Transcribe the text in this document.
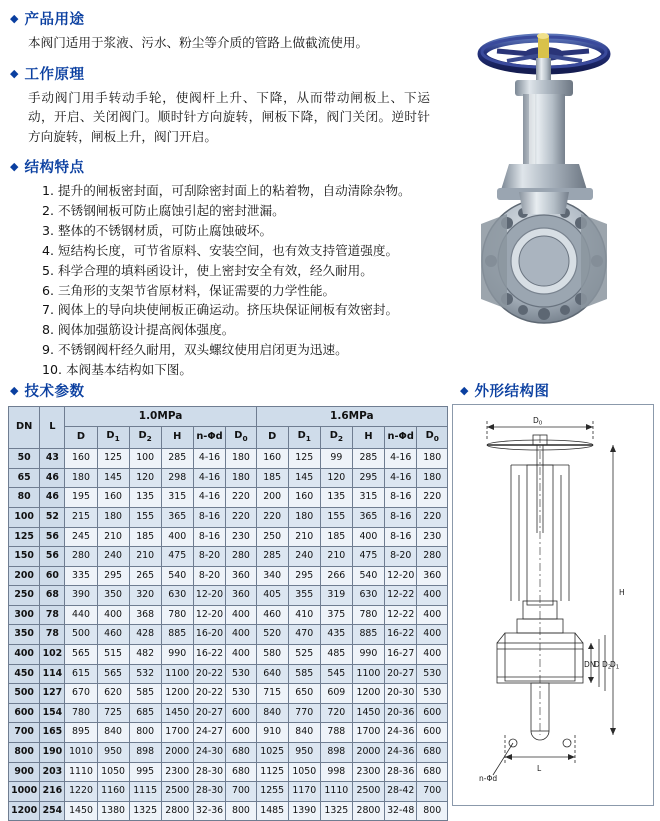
◆ 产品用途

本阀门适用于浆液、污水、粉尘等介质的管路上做截流使用。

◆ 工作原理

手动阀门用手转动手轮，使阀杆上升、下降，从而带动闸板上、下运动，开启、关闭阀门。顺时针方向旋转，闸板下降，阀门关闭。逆时针方向旋转，闸板上升，阀门开启。

◆ 结构特点
1. 提升的闸板密封面，可刮除密封面上的粘着物，自动清除杂物。
2. 不锈钢闸板可防止腐蚀引起的密封泄漏。
3. 整体的不锈钢材质，可防止腐蚀破坏。
4. 短结构长度，可节省原料、安装空间，也有效支持管道强度。
5. 科学合理的填料函设计，使上密封安全有效，经久耐用。
6. 三角形的支架节省原材料，保证需要的力学性能。
7. 阀体上的导向块使闸板正确运动。挤压块保证闸板有效密封。
8. 阀体加强筋设计提高阀体强度。
9. 不锈钢阀杆经久耐用，双头螺纹使用启闭更为迅速。
10. 本阀基本结构如下图。
◆ 技术参数	◆ 外形结构图
DN	L	1.0MPa						1.6MPa					
		D	$D_1$	$D_2$	H	n-Φd	$D_0$	D	$D_1$	$D_2$	H	n-Φd	$D_0$
50	43	160	125	100	285	4-16	180	160	125	99	285	4-16	180
65	46	180	145	120	298	4-16	180	185	145	120	295	4-16	180
80	46	195	160	135	315	4-16	220	200	160	135	315	8-16	220
100	52	215	180	155	365	8-16	220	220	180	155	365	8-16	220
125	56	245	210	185	400	8-16	230	250	210	185	400	8-16	230
150	56	280	240	210	475	8-20	280	285	240	210	475	8-20	280
200	60	335	295	265	540	8-20	360	340	295	266	540	12-20	360
250	68	390	350	320	630	12-20	360	405	355	319	630	12-22	400
300	78	440	400	368	780	12-20	400	460	410	375	780	12-22	400
350	78	500	460	428	885	16-20	400	520	470	435	885	16-22	400
400	102	565	515	482	990	16-22	400	580	525	485	990	16-27	400
450	114	615	565	532	1100	20-22	530	640	585	545	1100	20-27	530
500	127	670	620	585	1200	20-22	530	715	650	609	1200	20-30	530
600	154	780	725	685	1450	20-27	600	840	770	720	1450	20-36	600
700	165	895	840	800	1700	24-27	600	910	840	788	1700	24-36	600
800	190	1010	950	898	2000	24-30	680	1025	950	898	2000	24-36	680
900	203	1110	1050	995	2300	28-30	680	1125	1050	998	2300	28-36	680
1000	216	1220	1160	1115	2500	28-30	700	1255	1170	1110	2500	28-42	700
1200	254	1450	1380	1325	2800	32-36	800	1485	1390	1325	2800	32-48	800
$D_0$
H
DN
D $D_2$
$D_1$
L
n-Φd
